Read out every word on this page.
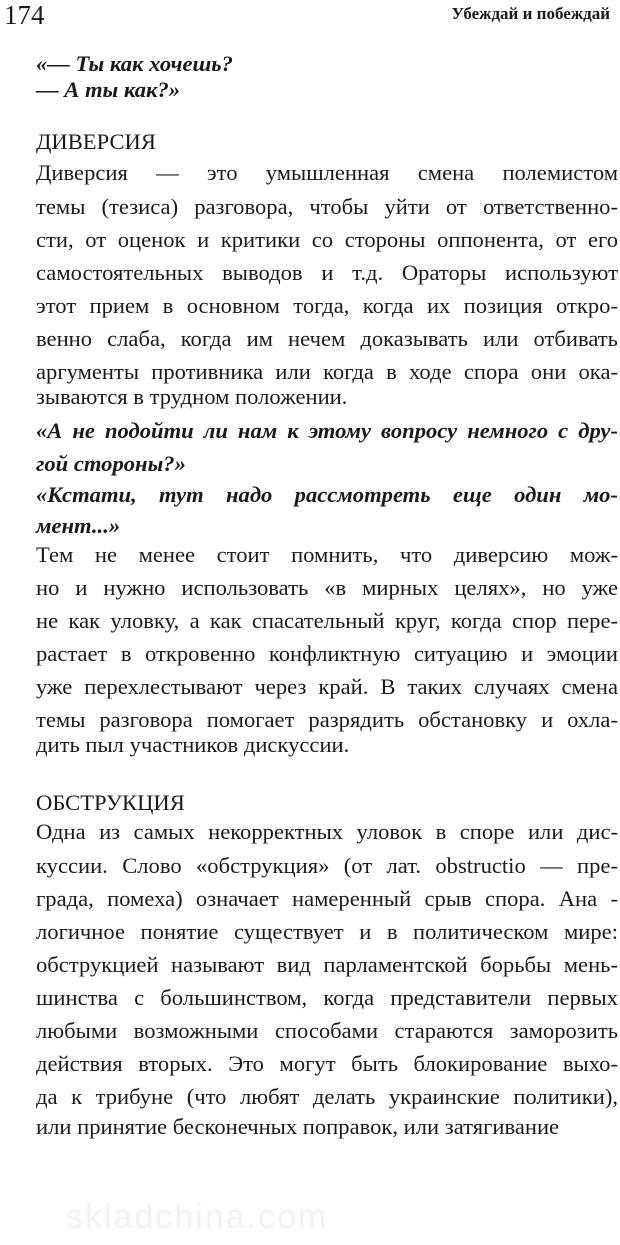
174	Убеждай и побеждай
«— Ты как хочешь?
— А ты как?»
ДИВЕРСИЯ
Диверсия — это умышленная смена полемистом
темы (тезиса) разговора, чтобы уйти от ответственно-
сти, от оценок и критики со стороны оппонента, от его
самостоятельных выводов и т.д. Ораторы используют
этот прием в основном тогда, когда их позиция откро-
венно слаба, когда им нечем доказывать или отбивать
аргументы противника или когда в ходе спора они ока-
зываются в трудном положении.
«А не подойти ли нам к этому вопросу немного с дру-
гой стороны?»
«Кстати, тут надо рассмотреть еще один мо-
мент...»
Тем не менее стоит помнить, что диверсию мож-
но и нужно использовать «в мирных целях», но уже
не как уловку, а как спасательный круг, когда спор пере-
растает в откровенно конфликтную ситуацию и эмоции
уже перехлестывают через край. В таких случаях смена
темы разговора помогает разрядить обстановку и охла-
дить пыл участников дискуссии.
ОБСТРУКЦИЯ
Одна из самых некорректных уловок в споре или дис-
куссии. Слово «обструкция» (от лат. obstructio — пре-
града, помеха) означает намеренный срыв спора. Ана -
логичное понятие существует и в политическом мире:
обструкцией называют вид парламентской борьбы мень-
шинства с большинством, когда представители первых
любыми возможными способами стараются заморозить
действия вторых. Это могут быть блокирование выхо-
да к трибуне (что любят делать украинские политики),
или принятие бесконечных поправок, или затягивание
skladchina.com
